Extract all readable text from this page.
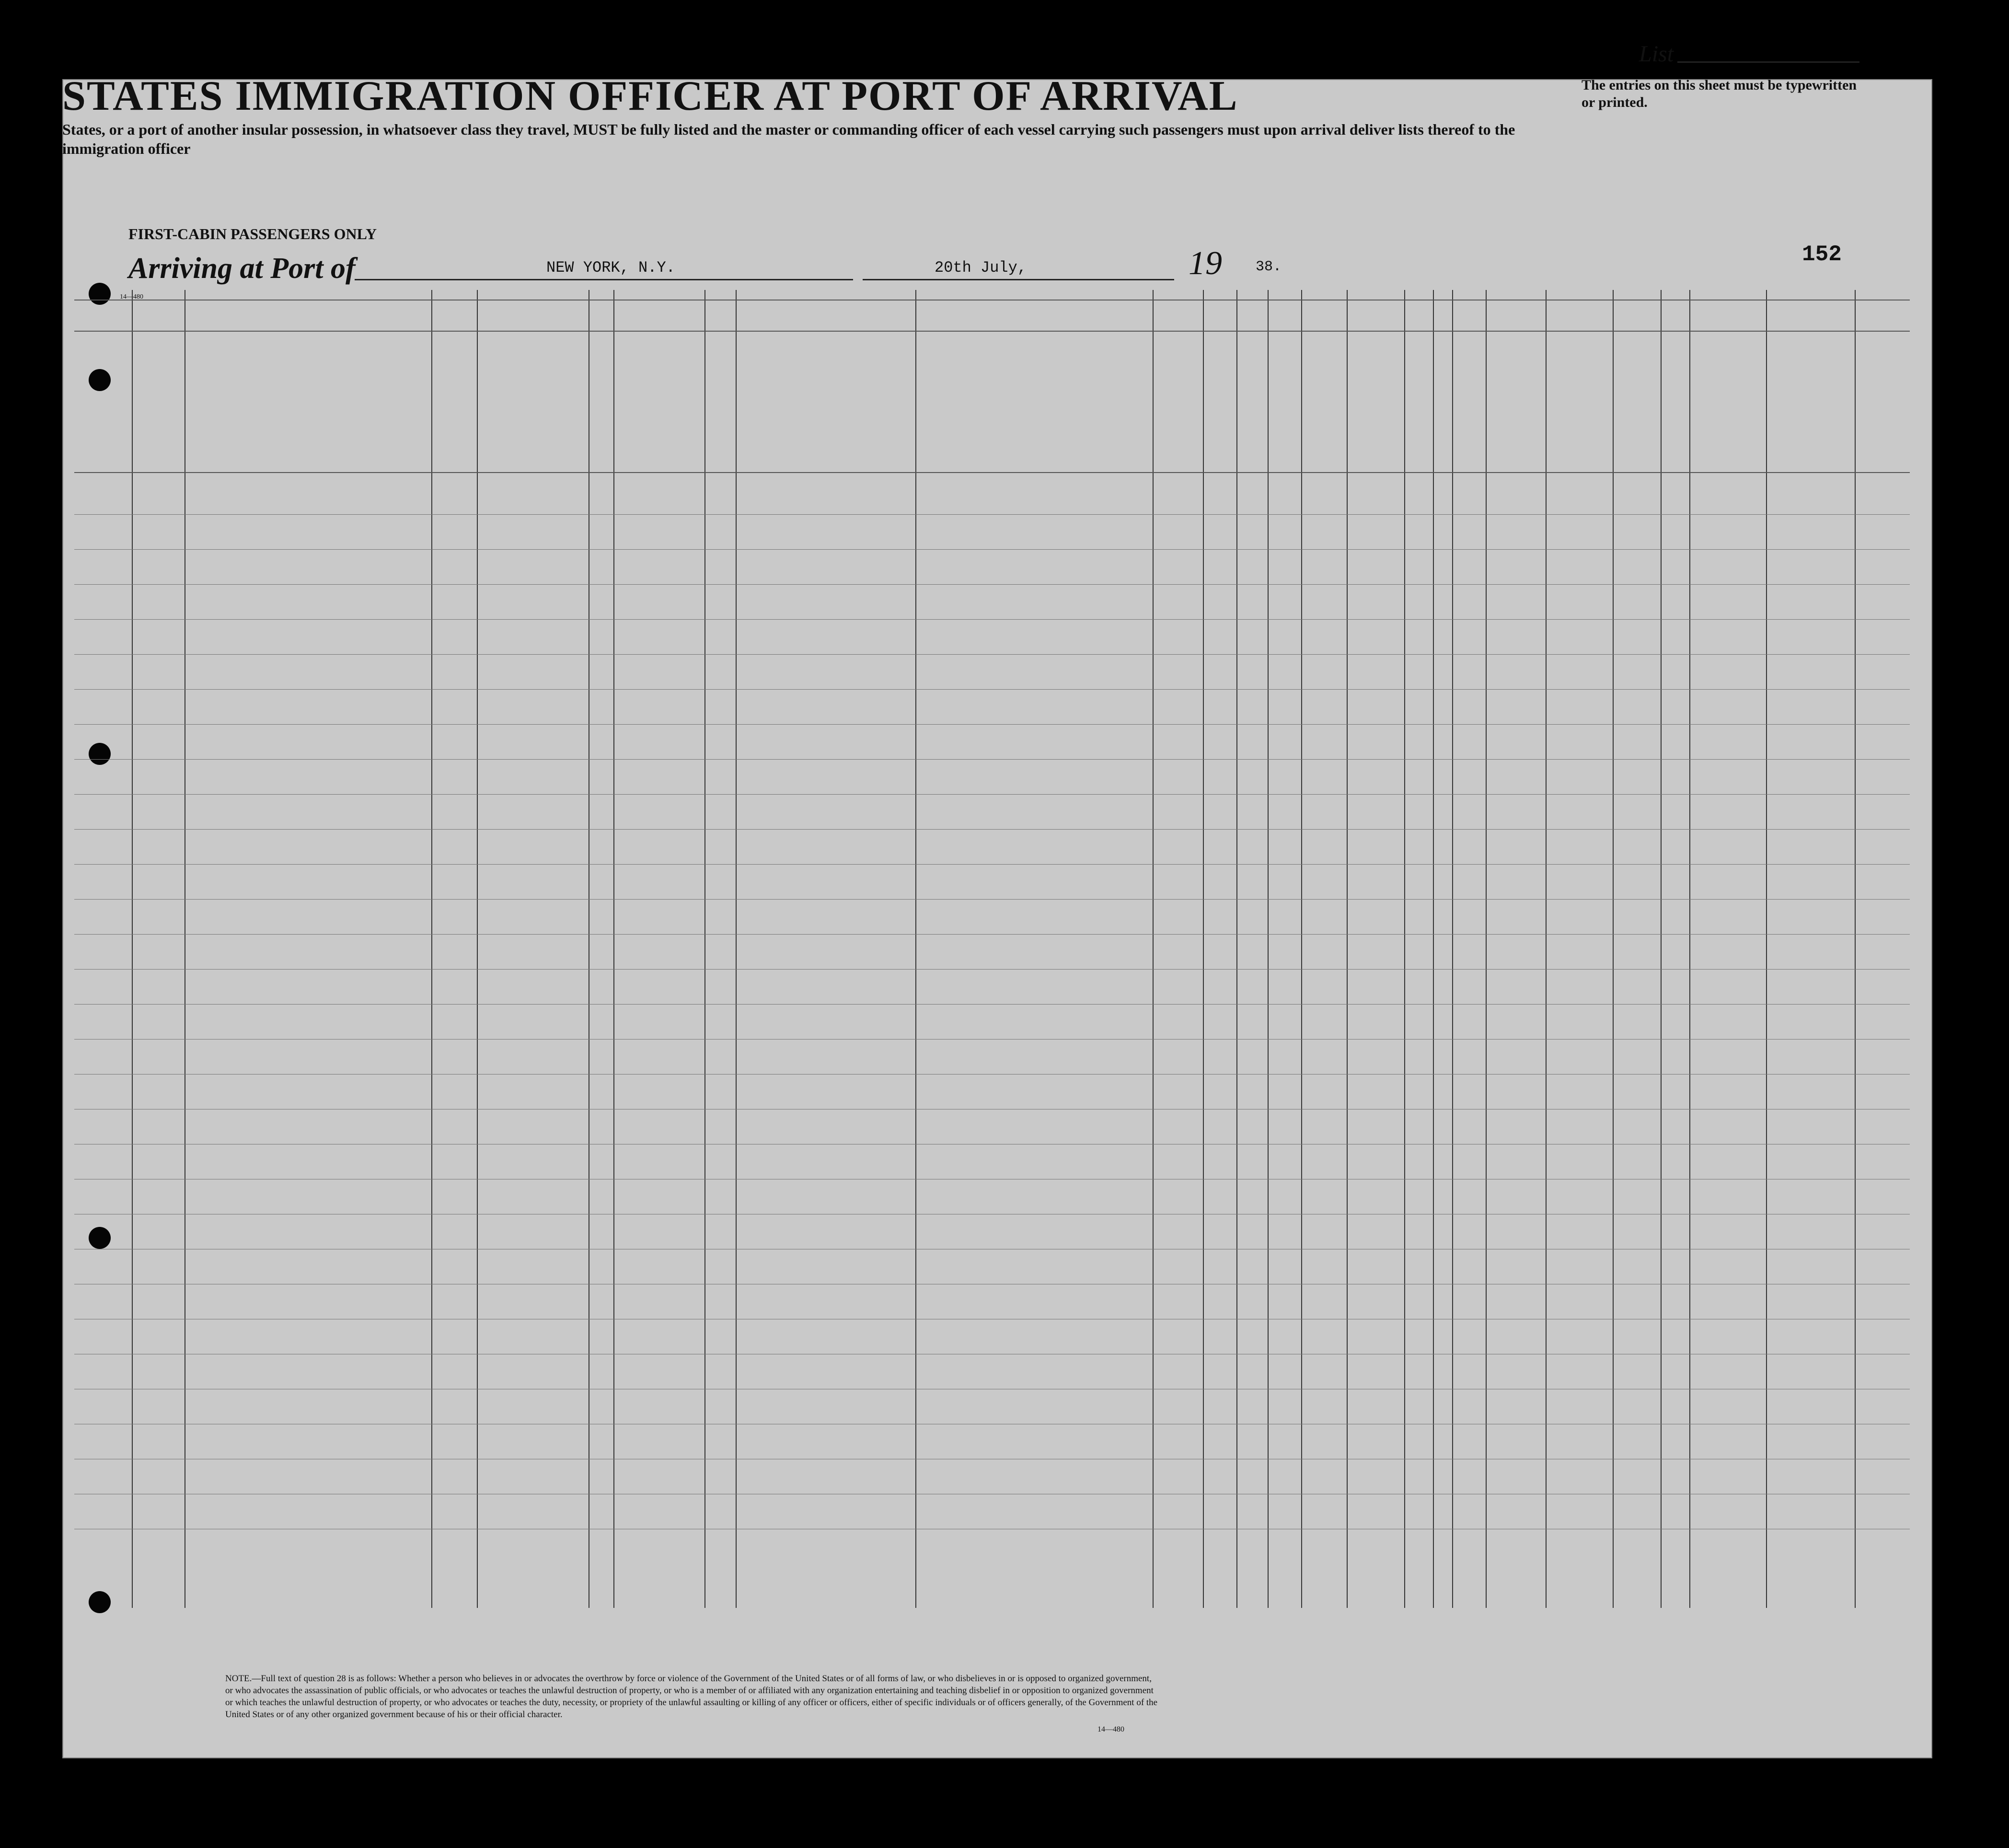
List
The entries on this sheet must be typewritten or printed.
STATES IMMIGRATION OFFICER AT PORT OF ARRIVAL
States, or a port of another insular possession, in whatsoever class they travel, MUST be fully listed and the master or commanding officer of each vessel carrying such passengers must upon arrival deliver lists thereof to the immigration officer
FIRST-CABIN PASSENGERS ONLY
Arriving at Port of	NEW YORK, N.Y.	20th July,	19 38.	152
14—480
NOTE.—Full text of question 28 is as follows: Whether a person who believes in or advocates the overthrow by force or violence of the Government of the United States or of all forms of law, or who disbelieves in or is opposed to organized government, or who advocates the assassination of public officials, or who advocates or teaches the unlawful destruction of property, or who is a member of or affiliated with any organization entertaining and teaching disbelief in or opposition to organized government or which teaches the unlawful destruction of property, or who advocates or teaches the duty, necessity, or propriety of the unlawful assaulting or killing of any officer or officers, either of specific individuals or of officers generally, of the Government of the United States or of any other organized government because of his or their official character.
14—480
